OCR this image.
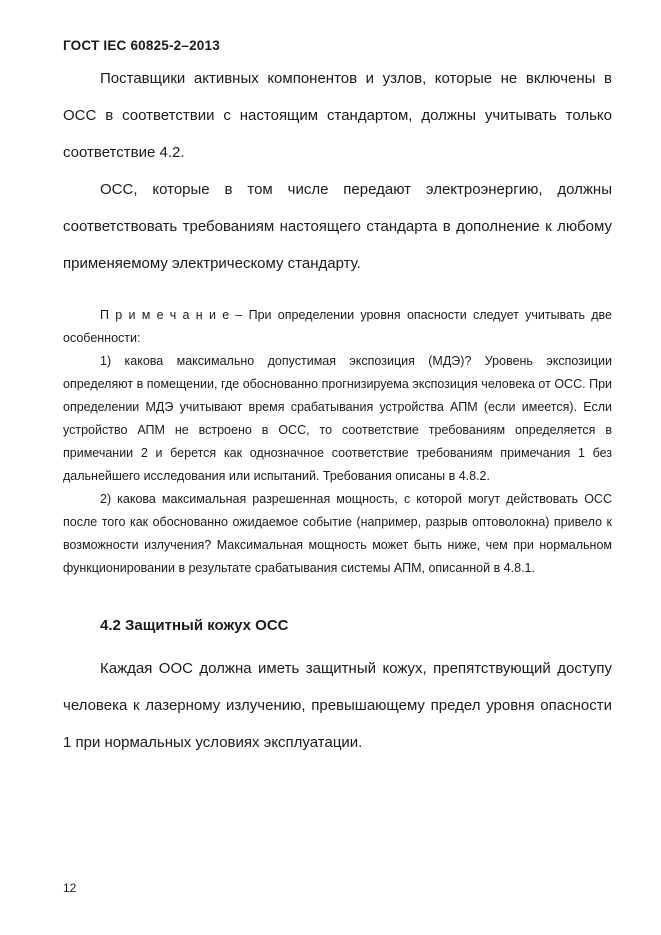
ГОСТ IEC 60825-2–2013

Поставщики активных компонентов и узлов, которые не включены в ОСС в соответствии с настоящим стандартом, должны учитывать только соответствие 4.2.

ОСС, которые в том числе передают электроэнергию, должны соответствовать требованиям настоящего стандарта в дополнение к любому применяемому электрическому стандарту.

П р и м е ч а н и е – При определении уровня опасности следует учитывать две особенности:

1) какова максимально допустимая экспозиция (МДЭ)? Уровень экспозиции определяют в помещении, где обоснованно прогнизируема экспозиция человека от ОСС. При определении МДЭ учитывают время срабатывания устройства АПМ (если имеется). Если устройство АПМ не встроено в ОСС, то соответствие требованиям определяется в примечании 2 и берется как однозначное соответствие требованиям примечания 1 без дальнейшего исследования или испытаний. Требования описаны в 4.8.2.

2) какова максимальная разрешенная мощность, с которой могут действовать ОСС после того как обоснованно ожидаемое событие (например, разрыв оптоволокна) привело к возможности излучения? Максимальная мощность может быть ниже, чем при нормальном функционировании в результате срабатывания системы АПМ, описанной в 4.8.1.

4.2 Защитный кожух ОСС

Каждая ООС должна иметь защитный кожух, препятствующий доступу человека к лазерному излучению, превышающему предел уровня опасности 1 при нормальных условиях эксплуатации.

12
